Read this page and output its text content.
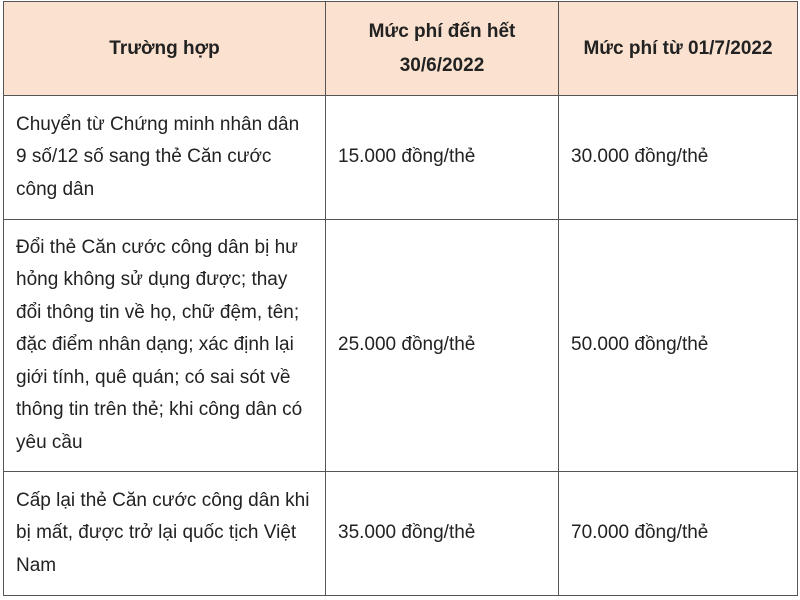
Trường hợp	Mức phí đến hết 30/6/2022	Mức phí từ 01/7/2022
Chuyển từ Chứng minh nhân dân 9 số/12 số sang thẻ Căn cước công dân	15.000 đồng/thẻ	30.000 đồng/thẻ
Đổi thẻ Căn cước công dân bị hư hỏng không sử dụng được; thay đổi thông tin về họ, chữ đệm, tên; đặc điểm nhân dạng; xác định lại giới tính, quê quán; có sai sót về thông tin trên thẻ; khi công dân có yêu cầu	25.000 đồng/thẻ	50.000 đồng/thẻ
Cấp lại thẻ Căn cước công dân khi bị mất, được trở lại quốc tịch Việt Nam	35.000 đồng/thẻ	70.000 đồng/thẻ
